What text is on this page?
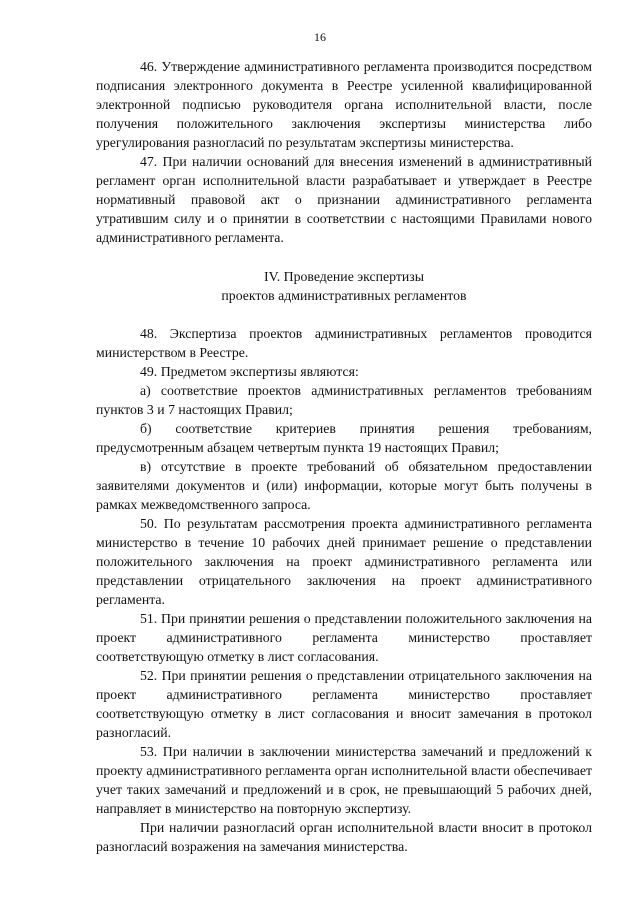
16

46. Утверждение административного регламента производится посредством подписания электронного документа в Реестре усиленной квалифицированной электронной подписью руководителя органа исполнительной власти, после получения положительного заключения экспертизы министерства либо урегулирования разногласий по результатам экспертизы министерства.

47. При наличии оснований для внесения изменений в административный регламент орган исполнительной власти разрабатывает и утверждает в Реестре нормативный правовой акт о признании административного регламента утратившим силу и о принятии в соответствии с настоящими Правилами нового административного регламента.

IV. Проведение экспертизы
проектов административных регламентов

48. Экспертиза проектов административных регламентов проводится министерством в Реестре.

49. Предметом экспертизы являются:

а) соответствие проектов административных регламентов требованиям пунктов 3 и 7 настоящих Правил;

б) соответствие критериев принятия решения требованиям, предусмотренным абзацем четвертым пункта 19 настоящих Правил;

в) отсутствие в проекте требований об обязательном предоставлении заявителями документов и (или) информации, которые могут быть получены в рамках межведомственного запроса.

50. По результатам рассмотрения проекта административного регламента министерство в течение 10 рабочих дней принимает решение о представлении положительного заключения на проект административного регламента или представлении отрицательного заключения на проект административного регламента.

51. При принятии решения о представлении положительного заключения на проект административного регламента министерство проставляет соответствующую отметку в лист согласования.

52. При принятии решения о представлении отрицательного заключения на проект административного регламента министерство проставляет соответствующую отметку в лист согласования и вносит замечания в протокол разногласий.

53. При наличии в заключении министерства замечаний и предложений к проекту административного регламента орган исполнительной власти обеспечивает учет таких замечаний и предложений и в срок, не превышающий 5 рабочих дней, направляет в министерство на повторную экспертизу.

При наличии разногласий орган исполнительной власти вносит в протокол разногласий возражения на замечания министерства.
